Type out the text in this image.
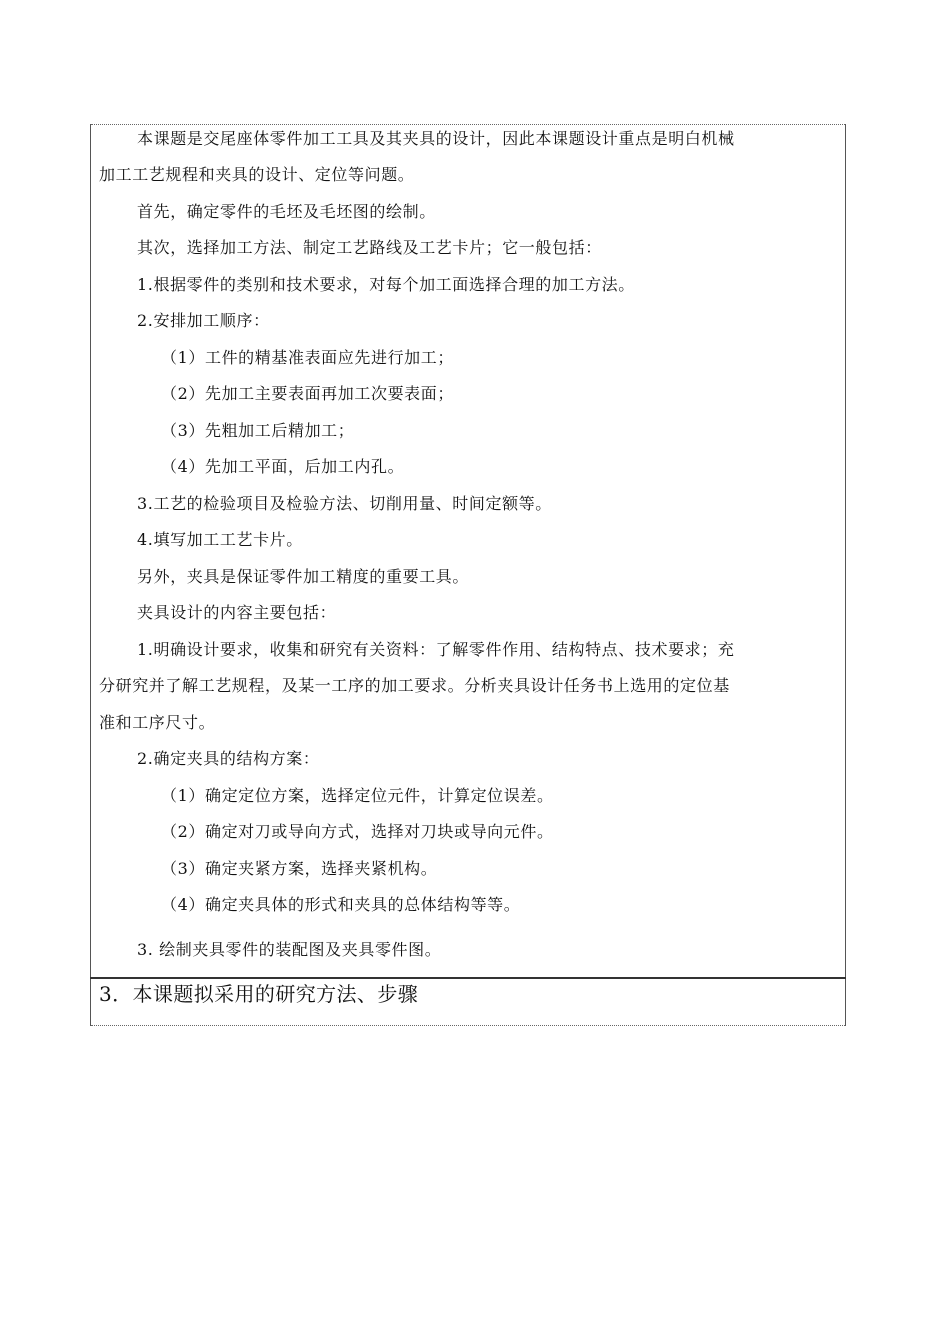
本课题是交尾座体零件加工工具及其夹具的设计，因此本课题设计重点是明白机械
加工工艺规程和夹具的设计、定位等问题。
首先，确定零件的毛坯及毛坯图的绘制。
其次，选择加工方法、制定工艺路线及工艺卡片；它一般包括：
1.根据零件的类别和技术要求，对每个加工面选择合理的加工方法。
2.安排加工顺序：
（1）工件的精基准表面应先进行加工；
（2）先加工主要表面再加工次要表面；
（3）先粗加工后精加工；
（4）先加工平面，后加工内孔。
3.工艺的检验项目及检验方法、切削用量、时间定额等。
4.填写加工工艺卡片。
另外，夹具是保证零件加工精度的重要工具。
夹具设计的内容主要包括：
1.明确设计要求，收集和研究有关资料：了解零件作用、结构特点、技术要求；充
分研究并了解工艺规程，及某一工序的加工要求。分析夹具设计任务书上选用的定位基
准和工序尺寸。
2.确定夹具的结构方案：
（1）确定定位方案，选择定位元件，计算定位误差。
（2）确定对刀或导向方式，选择对刀块或导向元件。
（3）确定夹紧方案，选择夹紧机构。
（4）确定夹具体的形式和夹具的总体结构等等。
3. 绘制夹具零件的装配图及夹具零件图。

3．本课题拟采用的研究方法、步骤
